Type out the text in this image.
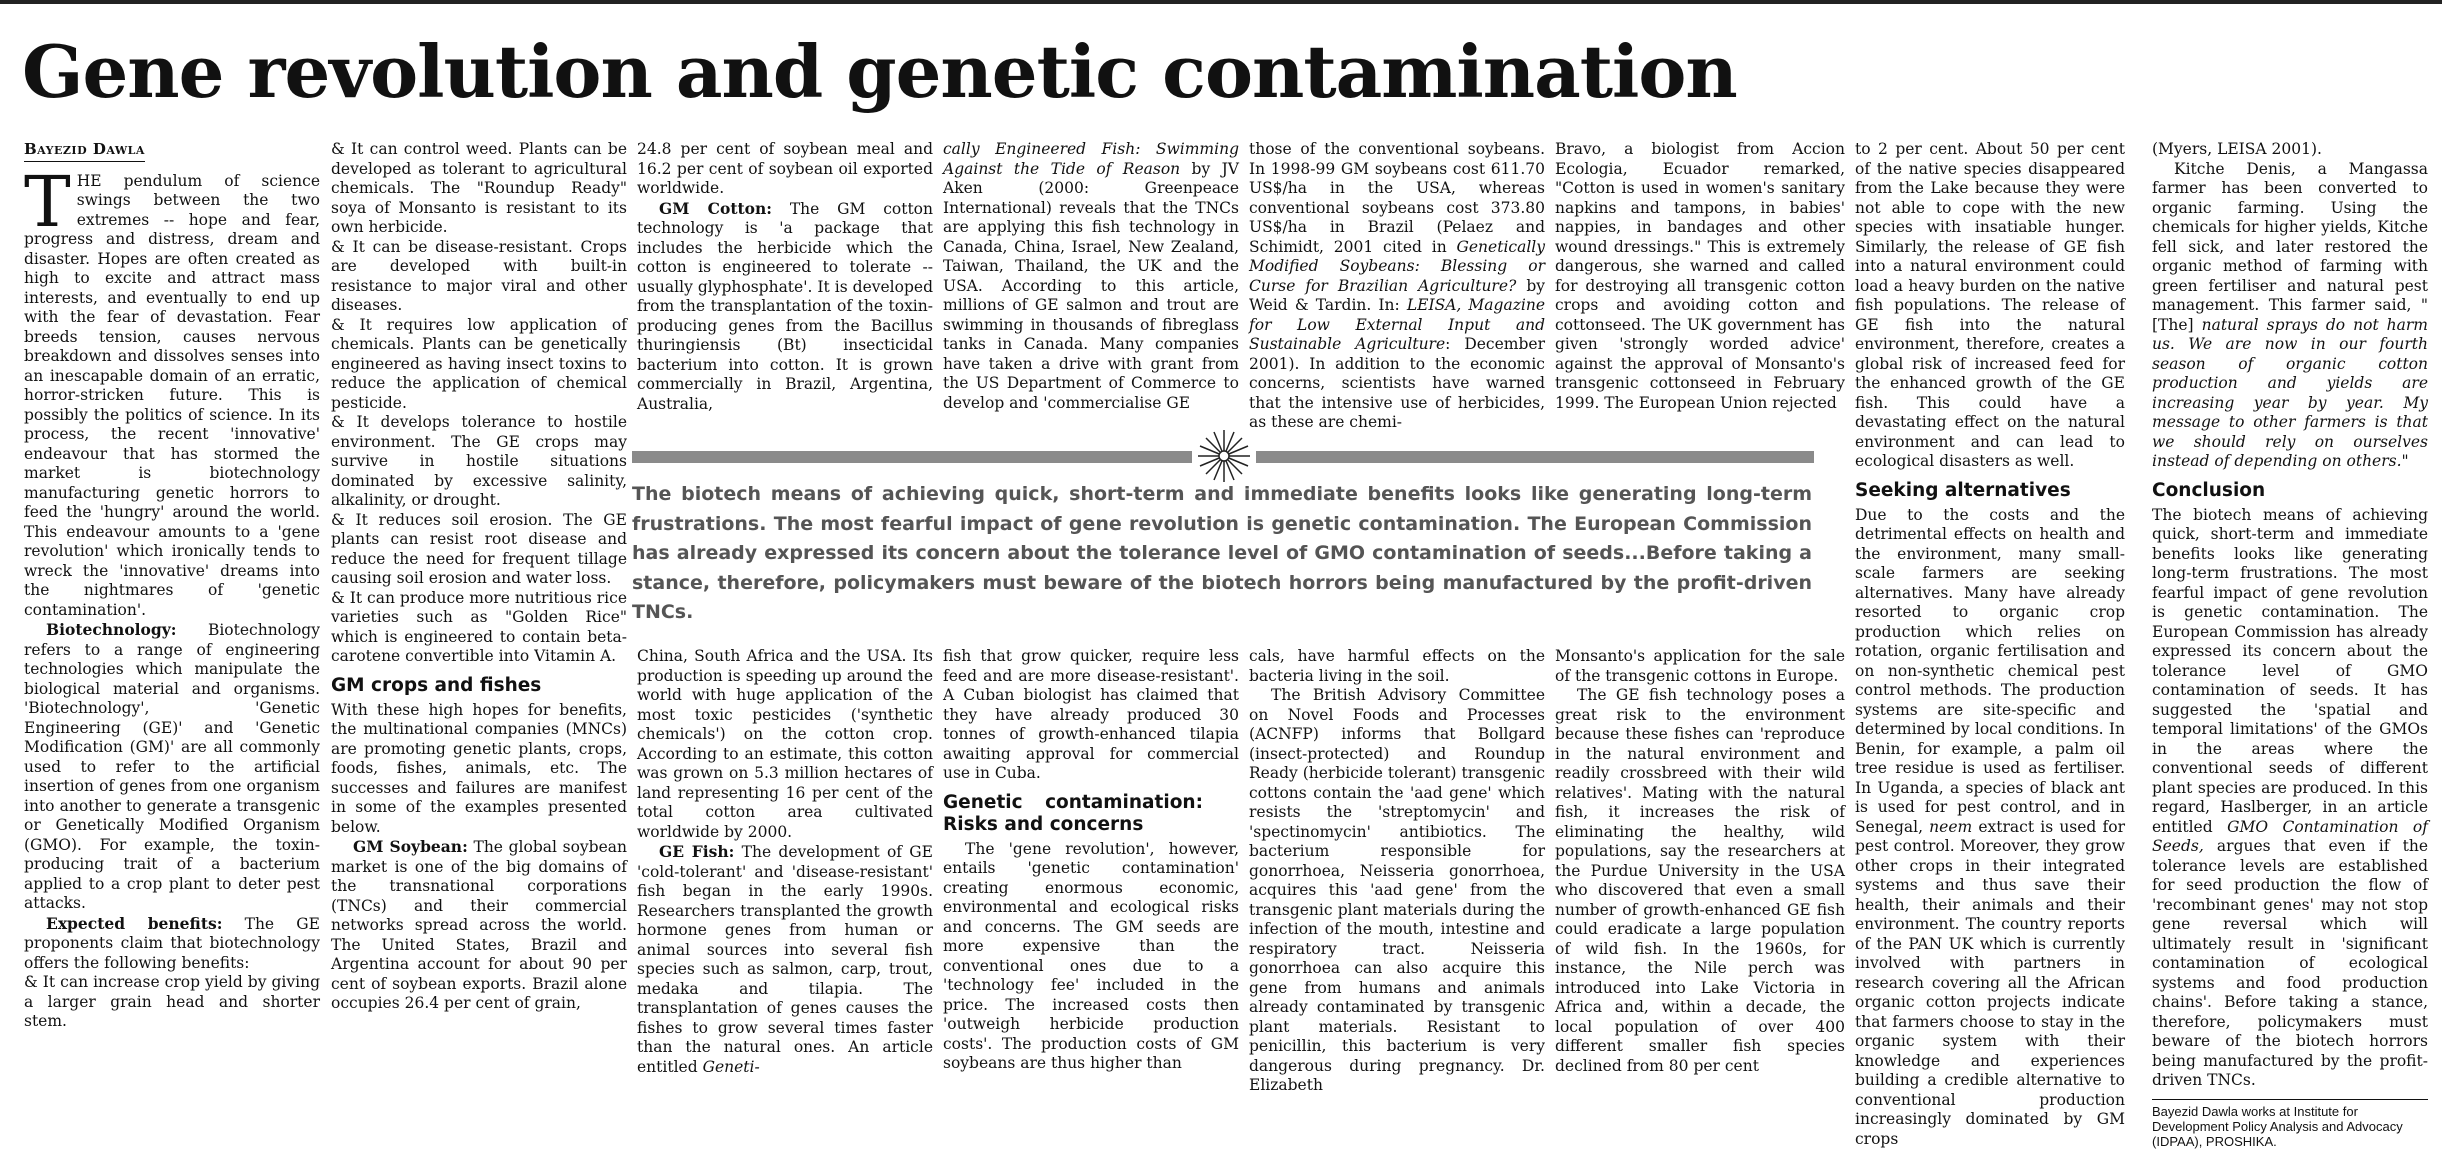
Gene revolution and genetic contamination
Bayezid Dawla

THE pendulum of science swings between the two extremes -- hope and fear, progress and distress, dream and disaster. Hopes are often created as high to excite and attract mass interests, and eventually to end up with the fear of devastation. Fear breeds tension, causes nervous breakdown and dissolves senses into an inescapable domain of an erratic, horror-stricken future. This is possibly the politics of science. In its process, the recent 'innovative' endeavour that has stormed the market is biotechnology manufacturing genetic horrors to feed the 'hungry' around the world. This endeavour amounts to a 'gene revolution' which ironically tends to wreck the 'innovative' dreams into the nightmares of 'genetic contamination'.

Biotechnology: Biotechnology refers to a range of engineering technologies which manipulate the biological material and organisms. 'Biotechnology', 'Genetic Engineering (GE)' and 'Genetic Modification (GM)' are all commonly used to refer to the artificial insertion of genes from one organism into another to generate a transgenic or Genetically Modified Organism (GMO). For example, the toxin-producing trait of a bacterium applied to a crop plant to deter pest attacks.

Expected benefits: The GE proponents claim that biotechnology offers the following benefits:

& It can increase crop yield by giving a larger grain head and shorter stem.

& It can control weed. Plants can be developed as tolerant to agricultural chemicals. The "Roundup Ready" soya of Monsanto is resistant to its own herbicide.

& It can be disease-resistant. Crops are developed with built-in resistance to major viral and other diseases.

& It requires low application of chemicals. Plants can be genetically engineered as having insect toxins to reduce the application of chemical pesticide.

& It develops tolerance to hostile environment. The GE crops may survive in hostile situations dominated by excessive salinity, alkalinity, or drought.

& It reduces soil erosion. The GE plants can resist root disease and reduce the need for frequent tillage causing soil erosion and water loss.

& It can produce more nutritious rice varieties such as "Golden Rice" which is engineered to contain beta-carotene convertible into Vitamin A.

GM crops and fishes

With these high hopes for benefits, the multinational companies (MNCs) are promoting genetic plants, crops, foods, fishes, animals, etc. The successes and failures are manifest in some of the examples presented below.

GM Soybean: The global soybean market is one of the big domains of the transnational corporations (TNCs) and their commercial networks spread across the world. The United States, Brazil and Argentina account for about 90 per cent of soybean exports. Brazil alone occupies 26.4 per cent of grain,

24.8 per cent of soybean meal and 16.2 per cent of soybean oil exported worldwide.

GM Cotton: The GM cotton technology is 'a package that includes the herbicide which the cotton is engineered to tolerate -- usually glyphosphate'. It is developed from the transplantation of the toxin-producing genes from the Bacillus thuringiensis (Bt) insecticidal bacterium into cotton. It is grown commercially in Brazil, Argentina, Australia,

cally Engineered Fish: Swimming Against the Tide of Reason by JV Aken (2000: Greenpeace International) reveals that the TNCs are applying this fish technology in Canada, China, Israel, New Zealand, Taiwan, Thailand, the UK and the USA. According to this article, millions of GE salmon and trout are swimming in thousands of fibreglass tanks in Canada. Many companies have taken a drive with grant from the US Department of Commerce to develop and 'commercialise GE

those of the conventional soybeans. In 1998-99 GM soybeans cost 611.70 US$/ha in the USA, whereas conventional soybeans cost 373.80 US$/ha in Brazil (Pelaez and Schimidt, 2001 cited in Genetically Modified Soybeans: Blessing or Curse for Brazilian Agriculture? by Weid & Tardin. In: LEISA, Magazine for Low External Input and Sustainable Agriculture: December 2001). In addition to the economic concerns, scientists have warned that the intensive use of herbicides, as these are chemi-

Bravo, a biologist from Accion Ecologia, Ecuador remarked, "Cotton is used in women's sanitary napkins and tampons, in babies' nappies, in bandages and other wound dressings." This is extremely dangerous, she warned and called for destroying all transgenic cotton crops and avoiding cotton and cottonseed. The UK government has given 'strongly worded advice' against the approval of Monsanto's transgenic cottonseed in February 1999. The European Union rejected

The biotech means of achieving quick, short-term and immediate benefits looks like generating long-term frustrations. The most fearful impact of gene revolution is genetic contamination. The European Commission has already expressed its concern about the tolerance level of GMO contamination of seeds...Before taking a stance, therefore, policymakers must beware of the biotech horrors being manufactured by the profit-driven TNCs.

China, South Africa and the USA. Its production is speeding up around the world with huge application of the most toxic pesticides ('synthetic chemicals') on the cotton crop. According to an estimate, this cotton was grown on 5.3 million hectares of land representing 16 per cent of the total cotton area cultivated worldwide by 2000.

GE Fish: The development of GE 'cold-tolerant' and 'disease-resistant' fish began in the early 1990s. Researchers transplanted the growth hormone genes from human or animal sources into several fish species such as salmon, carp, trout, medaka and tilapia. The transplantation of genes causes the fishes to grow several times faster than the natural ones. An article entitled Geneti-

fish that grow quicker, require less feed and are more disease-resistant'. A Cuban biologist has claimed that they have already produced 30 tonnes of growth-enhanced tilapia awaiting approval for commercial use in Cuba.

Genetic contamination: Risks and concerns

The 'gene revolution', however, entails 'genetic contamination' creating enormous economic, environmental and ecological risks and concerns. The GM seeds are more expensive than the conventional ones due to a 'technology fee' included in the price. The increased costs then 'outweigh herbicide production costs'. The production costs of GM soybeans are thus higher than

cals, have harmful effects on the bacteria living in the soil.

The British Advisory Committee on Novel Foods and Processes (ACNFP) informs that Bollgard (insect-protected) and Roundup Ready (herbicide tolerant) transgenic cottons contain the 'aad gene' which resists the 'streptomycin' and 'spectinomycin' antibiotics. The bacterium responsible for gonorrhoea, Neisseria gonorrhoea, acquires this 'aad gene' from the transgenic plant materials during the infection of the mouth, intestine and respiratory tract. Neisseria gonorrhoea can also acquire this gene from humans and animals already contaminated by transgenic plant materials. Resistant to penicillin, this bacterium is very dangerous during pregnancy. Dr. Elizabeth

Monsanto's application for the sale of the transgenic cottons in Europe.

The GE fish technology poses a great risk to the environment because these fishes can 'reproduce in the natural environment and readily crossbreed with their wild relatives'. Mating with the natural fish, it increases the risk of eliminating the healthy, wild populations, say the researchers at the Purdue University in the USA who discovered that even a small number of growth-enhanced GE fish could eradicate a large population of wild fish. In the 1960s, for instance, the Nile perch was introduced into Lake Victoria in Africa and, within a decade, the local population of over 400 different smaller fish species declined from 80 per cent

to 2 per cent. About 50 per cent of the native species disappeared from the Lake because they were not able to cope with the new species with insatiable hunger. Similarly, the release of GE fish into a natural environment could load a heavy burden on the native fish populations. The release of GE fish into the natural environment, therefore, creates a global risk of increased feed for the enhanced growth of the GE fish. This could have a devastating effect on the natural environment and can lead to ecological disasters as well.

Seeking alternatives

Due to the costs and the detrimental effects on health and the environment, many small-scale farmers are seeking alternatives. Many have already resorted to organic crop production which relies on rotation, organic fertilisation and on non-synthetic chemical pest control methods. The production systems are site-specific and determined by local conditions. In Benin, for example, a palm oil tree residue is used as fertiliser. In Uganda, a species of black ant is used for pest control, and in Senegal, neem extract is used for pest control. Moreover, they grow other crops in their integrated systems and thus save their health, their animals and their environment. The country reports of the PAN UK which is currently involved with partners in research covering all the African organic cotton projects indicate that farmers choose to stay in the organic system with their knowledge and experiences building a credible alternative to conventional production increasingly dominated by GM crops

(Myers, LEISA 2001).

Kitche Denis, a Mangassa farmer has been converted to organic farming. Using the chemicals for higher yields, Kitche fell sick, and later restored the organic method of farming with green fertiliser and natural pest management. This farmer said, "[The] natural sprays do not harm us. We are now in our fourth season of organic cotton production and yields are increasing year by year. My message to other farmers is that we should rely on ourselves instead of depending on others."

Conclusion

The biotech means of achieving quick, short-term and immediate benefits looks like generating long-term frustrations. The most fearful impact of gene revolution is genetic contamination. The European Commission has already expressed its concern about the tolerance level of GMO contamination of seeds. It has suggested the 'spatial and temporal limitations' of the GMOs in the areas where the conventional seeds of different plant species are produced. In this regard, Haslberger, in an article entitled GMO Contamination of Seeds, argues that even if the tolerance levels are established for seed production the flow of 'recombinant genes' may not stop gene reversal which will ultimately result in 'significant contamination of ecological systems and food production chains'. Before taking a stance, therefore, policymakers must beware of the biotech horrors being manufactured by the profit-driven TNCs.

Bayezid Dawla works at Institute for Development Policy Analysis and Advocacy (IDPAA), PROSHIKA.
